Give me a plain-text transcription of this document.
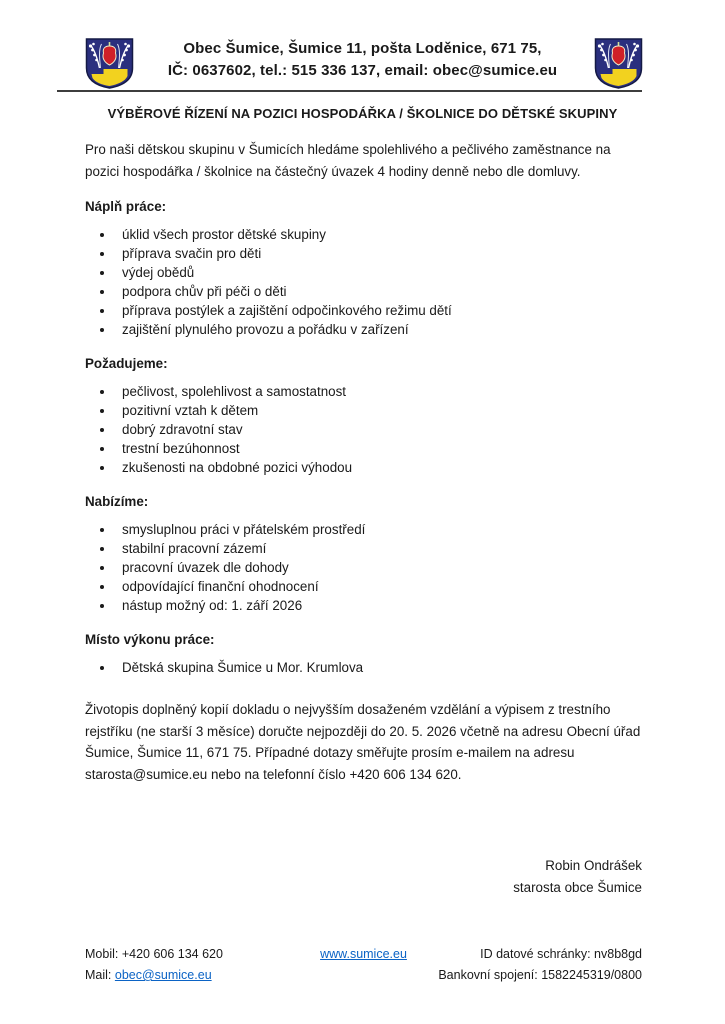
Obec Šumice, Šumice 11, pošta Loděnice, 671 75,
IČ: 0637602, tel.: 515 336 137, email: obec@sumice.eu
VÝBĚROVÉ ŘÍZENÍ NA POZICI HOSPODÁŘKA / ŠKOLNICE DO DĚTSKÉ SKUPINY

Pro naši dětskou skupinu v Šumicích hledáme spolehlivého a pečlivého zaměstnance na pozici hospodářka / školnice na částečný úvazek 4 hodiny denně nebo dle domluvy.

Náplň práce:

• úklid všech prostor dětské skupiny
• příprava svačin pro děti
• výdej obědů
• podpora chův při péči o děti
• příprava postýlek a zajištění odpočinkového režimu dětí
• zajištění plynulého provozu a pořádku v zařízení

Požadujeme:

• pečlivost, spolehlivost a samostatnost
• pozitivní vztah k dětem
• dobrý zdravotní stav
• trestní bezúhonnost
• zkušenosti na obdobné pozici výhodou

Nabízíme:

• smysluplnou práci v přátelském prostředí
• stabilní pracovní zázemí
• pracovní úvazek dle dohody
• odpovídající finanční ohodnocení
• nástup možný od: 1. září 2026

Místo výkonu práce:

• Dětská skupina Šumice u Mor. Krumlova

Životopis doplněný kopií dokladu o nejvyšším dosaženém vzdělání a výpisem z trestního rejstříku (ne starší 3 měsíce) doručte nejpozději do 20. 5. 2026 včetně na adresu Obecní úřad Šumice, Šumice 11, 671 75. Případné dotazy směřujte prosím e-mailem na adresu starosta@sumice.eu nebo na telefonní číslo +420 606 134 620.

Robin Ondrášek
starosta obce Šumice
Mobil: +420 606 134 620
Mail: obec@sumice.eu
www.sumice.eu	ID datové schránky: nv8b8gd
Bankovní spojení: 1582245319/0800
